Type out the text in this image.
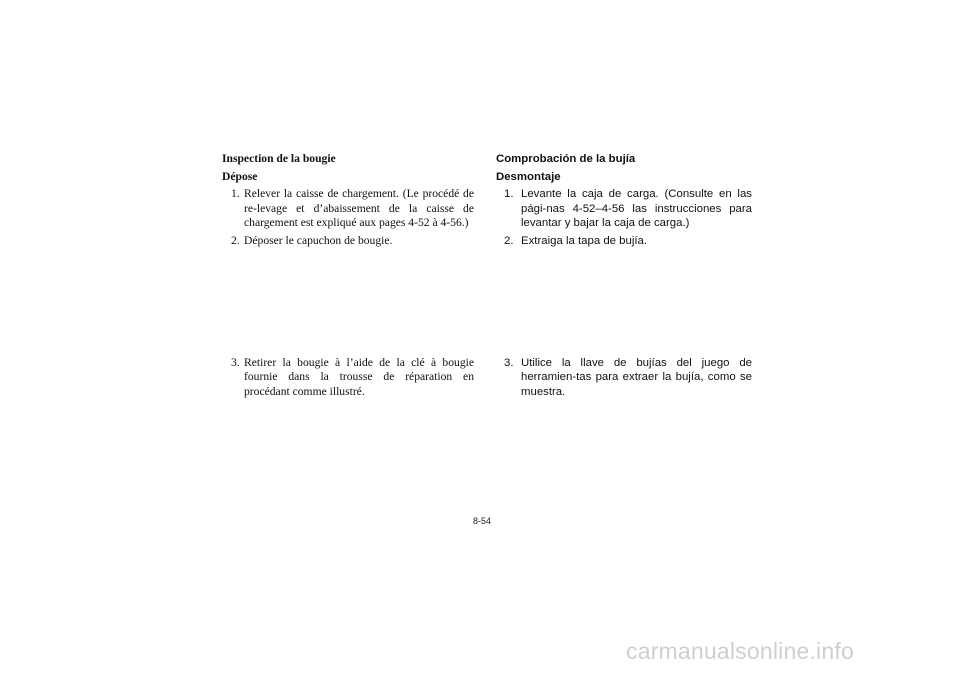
Inspection de la bougie
Dépose
1. Relever la caisse de chargement. (Le procédé de re-levage et d’abaissement de la caisse de chargement est expliqué aux pages 4-52 à 4-56.)
2. Déposer le capuchon de bougie.
3. Retirer la bougie à l’aide de la clé à bougie fournie dans la trousse de réparation en procédant comme illustré.
Comprobación de la bujía
Desmontaje
1. Levante la caja de carga. (Consulte en las pági-nas 4-52–4-56 las instrucciones para levantar y bajar la caja de carga.)
2. Extraiga la tapa de bujía.
3. Utilice la llave de bujías del juego de herramien-tas para extraer la bujía, como se muestra.
8-54
carmanualsonline.info
